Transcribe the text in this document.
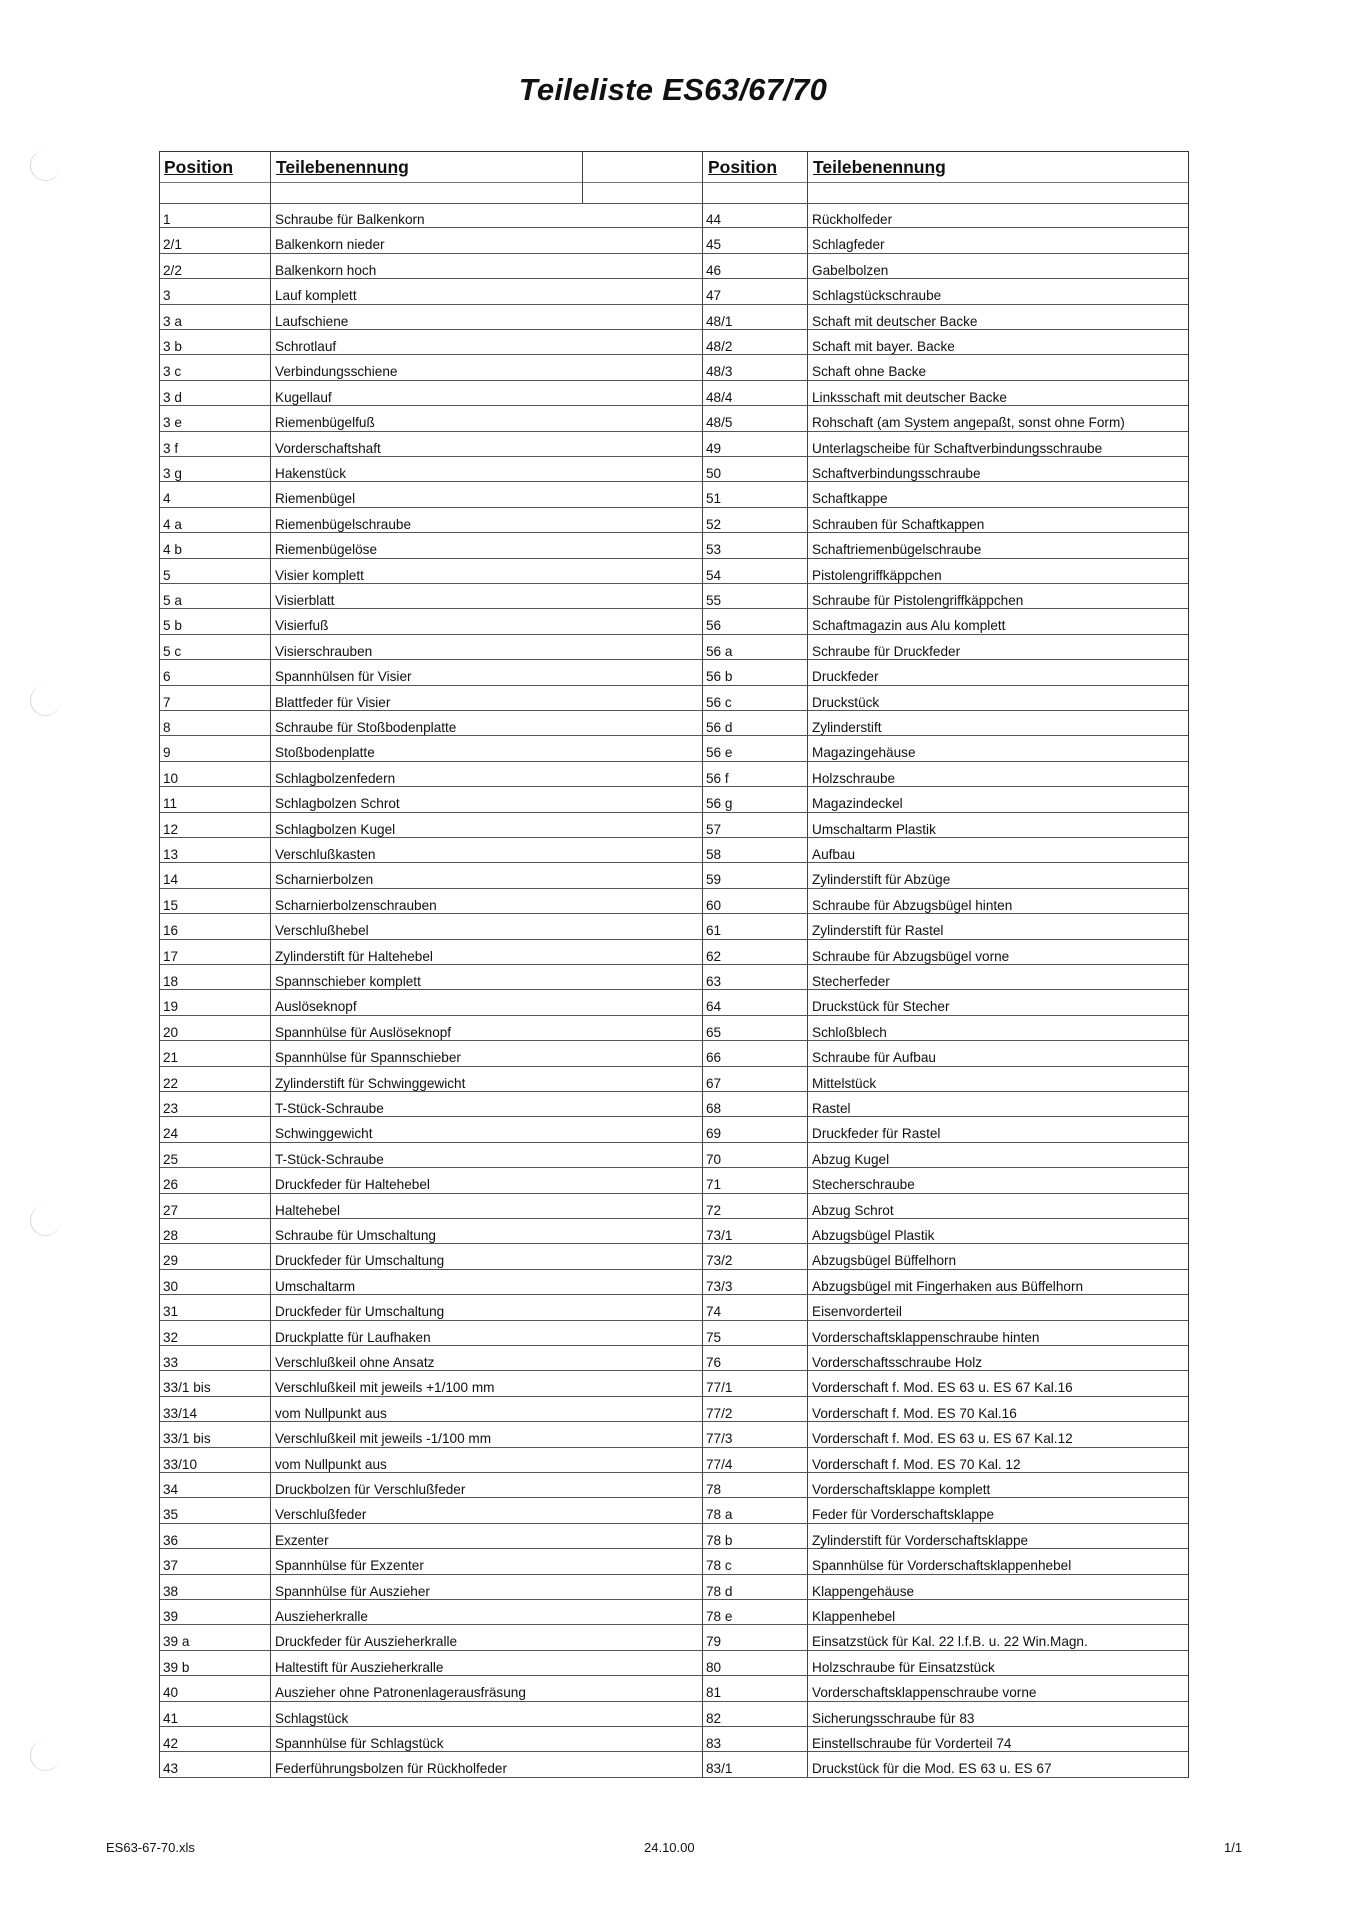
Teileliste ES63/67/70
Position Teilebenennung	Position Teilebenennung
1	Schraube für Balkenkorn	44	Rückholfeder
2/1	Balkenkorn nieder	45	Schlagfeder
2/2	Balkenkorn hoch	46	Gabelbolzen
3	Lauf komplett	47	Schlagstückschraube
3 a	Laufschiene	48/1	Schaft mit deutscher Backe
3 b	Schrotlauf	48/2	Schaft mit bayer. Backe
3 c	Verbindungsschiene	48/3	Schaft ohne Backe
3 d	Kugellauf	48/4	Linksschaft mit deutscher Backe
3 e	Riemenbügelfuß	48/5	Rohschaft (am System angepaßt, sonst ohne Form)
3 f	Vorderschaftshaft	49	Unterlagscheibe für Schaftverbindungsschraube
3 g	Hakenstück	50	Schaftverbindungsschraube
4	Riemenbügel	51	Schaftkappe
4 a	Riemenbügelschraube	52	Schrauben für Schaftkappen
4 b	Riemenbügelöse	53	Schaftriemenbügelschraube
5	Visier komplett	54	Pistolengriffkäppchen
5 a	Visierblatt	55	Schraube für Pistolengriffkäppchen
5 b	Visierfuß	56	Schaftmagazin aus Alu komplett
5 c	Visierschrauben	56 a	Schraube für Druckfeder
6	Spannhülsen für Visier	56 b	Druckfeder
7	Blattfeder für Visier	56 c	Druckstück
8	Schraube für Stoßbodenplatte	56 d	Zylinderstift
9	Stoßbodenplatte	56 e	Magazingehäuse
10	Schlagbolzenfedern	56 f	Holzschraube
11	Schlagbolzen Schrot	56 g	Magazindeckel
12	Schlagbolzen Kugel	57	Umschaltarm Plastik
13	Verschlußkasten	58	Aufbau
14	Scharnierbolzen	59	Zylinderstift für Abzüge
15	Scharnierbolzenschrauben	60	Schraube für Abzugsbügel hinten
16	Verschlußhebel	61	Zylinderstift für Rastel
17	Zylinderstift für Haltehebel	62	Schraube für Abzugsbügel vorne
18	Spannschieber komplett	63	Stecherfeder
19	Auslöseknopf	64	Druckstück für Stecher
20	Spannhülse für Auslöseknopf	65	Schloßblech
21	Spannhülse für Spannschieber	66	Schraube für Aufbau
22	Zylinderstift für Schwinggewicht	67	Mittelstück
23	T-Stück-Schraube	68	Rastel
24	Schwinggewicht	69	Druckfeder für Rastel
25	T-Stück-Schraube	70	Abzug Kugel
26	Druckfeder für Haltehebel	71	Stecherschraube
27	Haltehebel	72	Abzug Schrot
28	Schraube für Umschaltung	73/1	Abzugsbügel Plastik
29	Druckfeder für Umschaltung	73/2	Abzugsbügel Büffelhorn
30	Umschaltarm	73/3	Abzugsbügel mit Fingerhaken aus Büffelhorn
31	Druckfeder für Umschaltung	74	Eisenvorderteil
32	Druckplatte für Laufhaken	75	Vorderschaftsklappenschraube hinten
33	Verschlußkeil ohne Ansatz	76	Vorderschaftsschraube Holz
33/1 bis	Verschlußkeil mit jeweils +1/100 mm	77/1	Vorderschaft f. Mod. ES 63 u. ES 67 Kal.16
33/14	vom Nullpunkt aus	77/2	Vorderschaft f. Mod. ES 70 Kal.16
33/1 bis	Verschlußkeil mit jeweils -1/100 mm	77/3	Vorderschaft f. Mod. ES 63 u. ES 67 Kal.12
33/10	vom Nullpunkt aus	77/4	Vorderschaft f. Mod. ES 70 Kal. 12
34	Druckbolzen für Verschlußfeder	78	Vorderschaftsklappe komplett
35	Verschlußfeder	78 a	Feder für Vorderschaftsklappe
36	Exzenter	78 b	Zylinderstift für Vorderschaftsklappe
37	Spannhülse für Exzenter	78 c	Spannhülse für Vorderschaftsklappenhebel
38	Spannhülse für Auszieher	78 d	Klappengehäuse
39	Auszieherkralle	78 e	Klappenhebel
39 a	Druckfeder für Auszieherkralle	79	Einsatzstück für Kal. 22 l.f.B. u. 22 Win.Magn.
39 b	Haltestift für Auszieherkralle	80	Holzschraube für Einsatzstück
40	Auszieher ohne Patronenlagerausfräsung	81	Vorderschaftsklappenschraube vorne
41	Schlagstück	82	Sicherungsschraube für 83
42	Spannhülse für Schlagstück	83	Einstellschraube für Vorderteil 74
43	Federführungsbolzen für Rückholfeder	83/1	Druckstück für die Mod. ES 63 u. ES 67
ES63-67-70.xls	24.10.00	1/1
